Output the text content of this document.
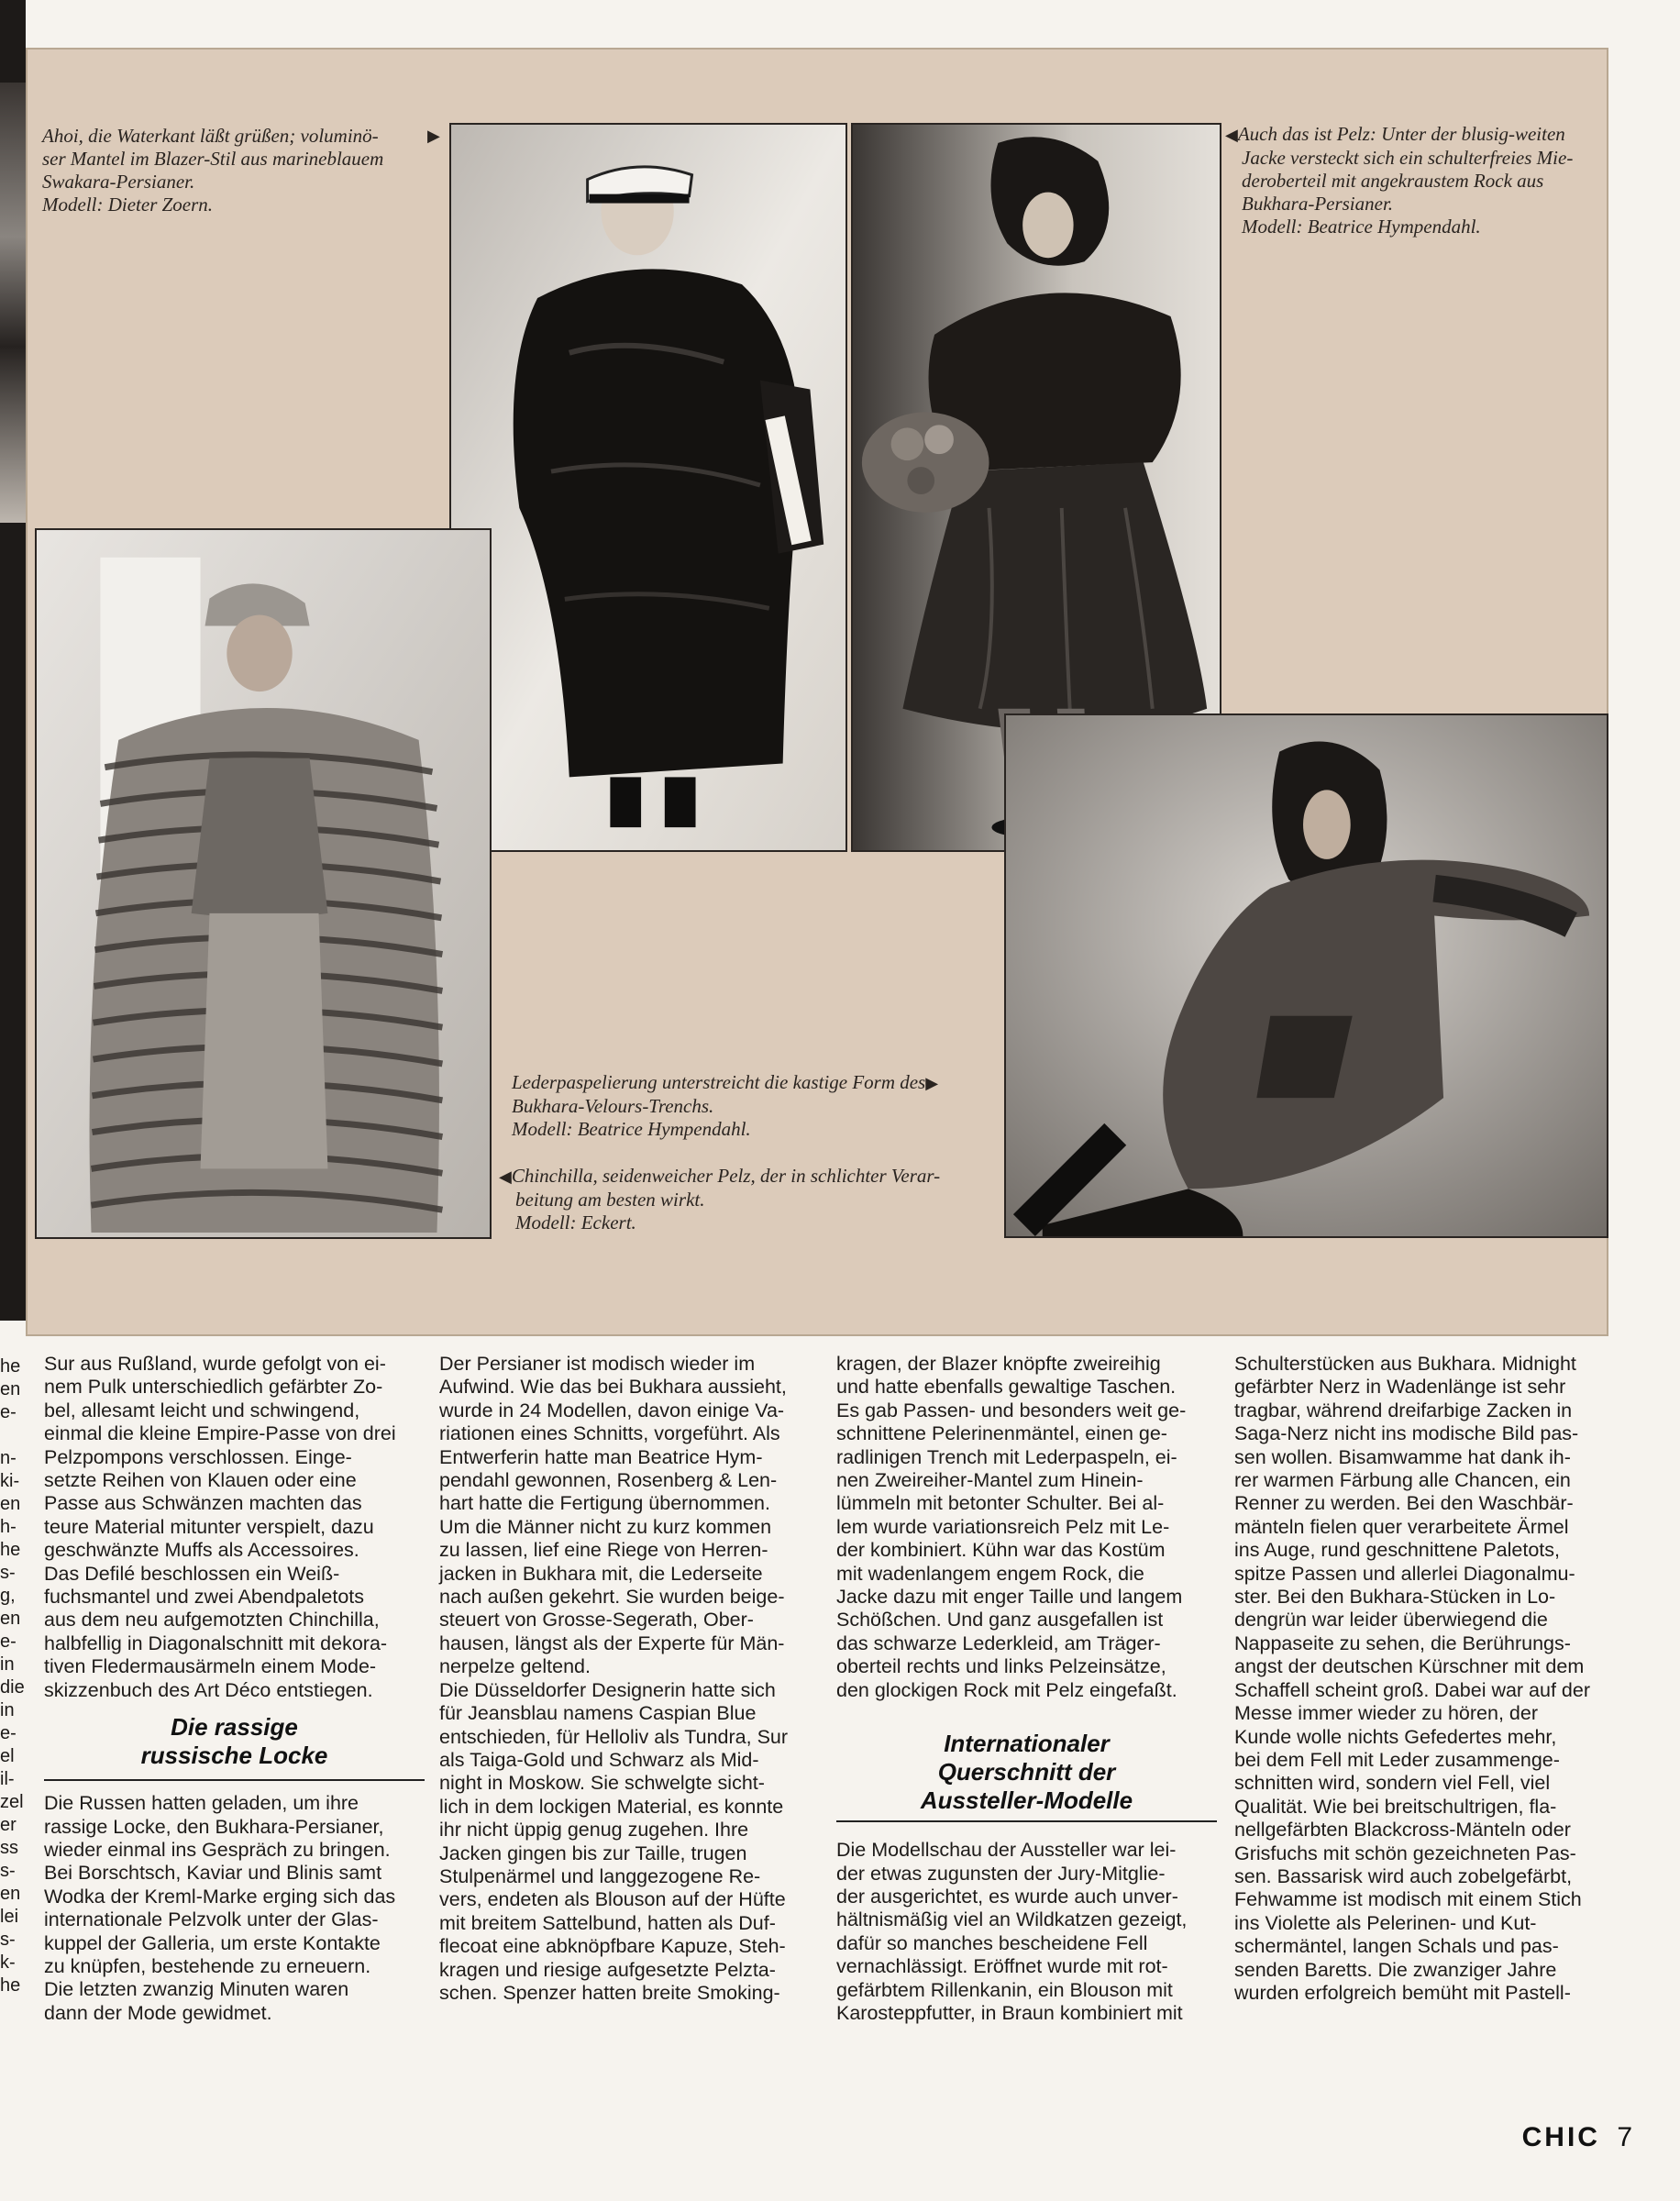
he
en
e-

n-
ki-
en
h-
he
s-
g,
en
e-
in
die
in
e-
el
il-
zel
er
ss
s-
en
lei
s-
k-
he
Ahoi, die Waterkant läßt grüßen; voluminö-
ser Mantel im Blazer-Stil aus marineblauem
Swakara-Persianer.
Modell: Dieter Zoern.
▶	◀Auch das ist Pelz: Unter der blusig-weiten
Jacke versteckt sich ein schulterfreies Mie-
deroberteil mit angekraustem Rock aus
Bukhara-Persianer.
Modell: Beatrice Hympendahl.
Lederpaspelierung unterstreicht die kastige Form des▶
Bukhara-Velours-Trenchs.
Modell: Beatrice Hympendahl.
◀Chinchilla, seidenweicher Pelz, der in schlichter Verar-
beitung am besten wirkt.
Modell: Eckert.
Sur aus Rußland, wurde gefolgt von ei-
nem Pulk unterschiedlich gefärbter Zo-
bel, allesamt leicht und schwingend,
einmal die kleine Empire-Passe von drei
Pelzpompons verschlossen. Einge-
setzte Reihen von Klauen oder eine
Passe aus Schwänzen machten das
teure Material mitunter verspielt, dazu
geschwänzte Muffs als Accessoires.
Das Defilé beschlossen ein Weiß-
fuchsmantel und zwei Abendpaletots
aus dem neu aufgemotzten Chinchilla,
halbfellig in Diagonalschnitt mit dekora-
tiven Fledermausärmeln einem Mode-
skizzenbuch des Art Déco entstiegen.
Die rassige
russische Locke
Die Russen hatten geladen, um ihre
rassige Locke, den Bukhara-Persianer,
wieder einmal ins Gespräch zu bringen.
Bei Borschtsch, Kaviar und Blinis samt
Wodka der Kreml-Marke erging sich das
internationale Pelzvolk unter der Glas-
kuppel der Galleria, um erste Kontakte
zu knüpfen, bestehende zu erneuern.
Die letzten zwanzig Minuten waren
dann der Mode gewidmet.
Der Persianer ist modisch wieder im
Aufwind. Wie das bei Bukhara aussieht,
wurde in 24 Modellen, davon einige Va-
riationen eines Schnitts, vorgeführt. Als
Entwerferin hatte man Beatrice Hym-
pendahl gewonnen, Rosenberg & Len-
hart hatte die Fertigung übernommen.
Um die Männer nicht zu kurz kommen
zu lassen, lief eine Riege von Herren-
jacken in Bukhara mit, die Lederseite
nach außen gekehrt. Sie wurden beige-
steuert von Grosse-Segerath, Ober-
hausen, längst als der Experte für Män-
nerpelze geltend.
Die Düsseldorfer Designerin hatte sich
für Jeansblau namens Caspian Blue
entschieden, für Helloliv als Tundra, Sur
als Taiga-Gold und Schwarz als Mid-
night in Moskow. Sie schwelgte sicht-
lich in dem lockigen Material, es konnte
ihr nicht üppig genug zugehen. Ihre
Jacken gingen bis zur Taille, trugen
Stulpenärmel und langgezogene Re-
vers, endeten als Blouson auf der Hüfte
mit breitem Sattelbund, hatten als Duf-
flecoat eine abknöpfbare Kapuze, Steh-
kragen und riesige aufgesetzte Pelzta-
schen. Spenzer hatten breite Smoking-
kragen, der Blazer knöpfte zweireihig
und hatte ebenfalls gewaltige Taschen.
Es gab Passen- und besonders weit ge-
schnittene Pelerinenmäntel, einen ge-
radlinigen Trench mit Lederpaspeln, ei-
nen Zweireiher-Mantel zum Hinein-
lümmeln mit betonter Schulter. Bei al-
lem wurde variationsreich Pelz mit Le-
der kombiniert. Kühn war das Kostüm
mit wadenlangem engem Rock, die
Jacke dazu mit enger Taille und langem
Schößchen. Und ganz ausgefallen ist
das schwarze Lederkleid, am Träger-
oberteil rechts und links Pelzeinsätze,
den glockigen Rock mit Pelz eingefaßt.
Internationaler
Querschnitt der
Aussteller-Modelle
Die Modellschau der Aussteller war lei-
der etwas zugunsten der Jury-Mitglie-
der ausgerichtet, es wurde auch unver-
hältnismäßig viel an Wildkatzen gezeigt,
dafür so manches bescheidene Fell
vernachlässigt. Eröffnet wurde mit rot-
gefärbtem Rillenkanin, ein Blouson mit
Karosteppfutter, in Braun kombiniert mit
Schulterstücken aus Bukhara. Midnight
gefärbter Nerz in Wadenlänge ist sehr
tragbar, während dreifarbige Zacken in
Saga-Nerz nicht ins modische Bild pas-
sen wollen. Bisamwamme hat dank ih-
rer warmen Färbung alle Chancen, ein
Renner zu werden. Bei den Waschbär-
mänteln fielen quer verarbeitete Ärmel
ins Auge, rund geschnittene Paletots,
spitze Passen und allerlei Diagonalmu-
ster. Bei den Bukhara-Stücken in Lo-
dengrün war leider überwiegend die
Nappaseite zu sehen, die Berührungs-
angst der deutschen Kürschner mit dem
Schaffell scheint groß. Dabei war auf der
Messe immer wieder zu hören, der
Kunde wolle nichts Gefedertes mehr,
bei dem Fell mit Leder zusammenge-
schnitten wird, sondern viel Fell, viel
Qualität. Wie bei breitschultrigen, fla-
nellgefärbten Blackcross-Mänteln oder
Grisfuchs mit schön gezeichneten Pas-
sen. Bassarisk wird auch zobelgefärbt,
Fehwamme ist modisch mit einem Stich
ins Violette als Pelerinen- und Kut-
schermäntel, langen Schals und pas-
senden Baretts. Die zwanziger Jahre
wurden erfolgreich bemüht mit Pastell-
CHIC 7
